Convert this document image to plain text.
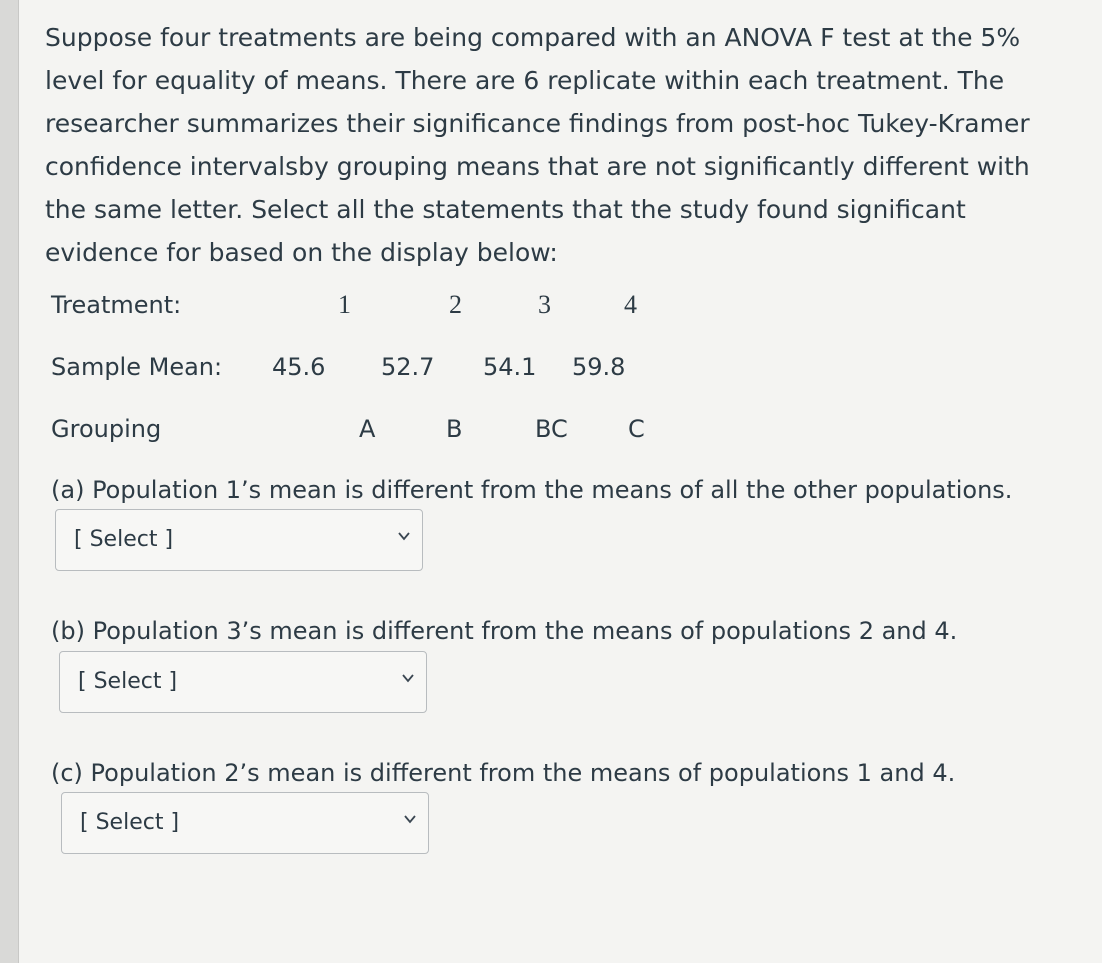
Suppose four treatments are being compared with an ANOVA F test at the 5% level for equality of means. There are 6 replicate within each treatment. The researcher summarizes their significance findings from post-hoc Tukey-Kramer confidence intervalsby grouping means that are not significantly different with the same letter. Select all the statements that the study found significant evidence for based on the display below:

Treatment:	1	2	3	4
Sample Mean: 45.6 52.7 54.1 59.8
Grouping	A	B	BC	C

(a) Population 1’s mean is different from the means of all the other populations.

[ Select ]

(b) Population 3’s mean is different from the means of populations 2 and 4.

[ Select ]

(c) Population 2’s mean is different from the means of populations 1 and 4.

[ Select ]
